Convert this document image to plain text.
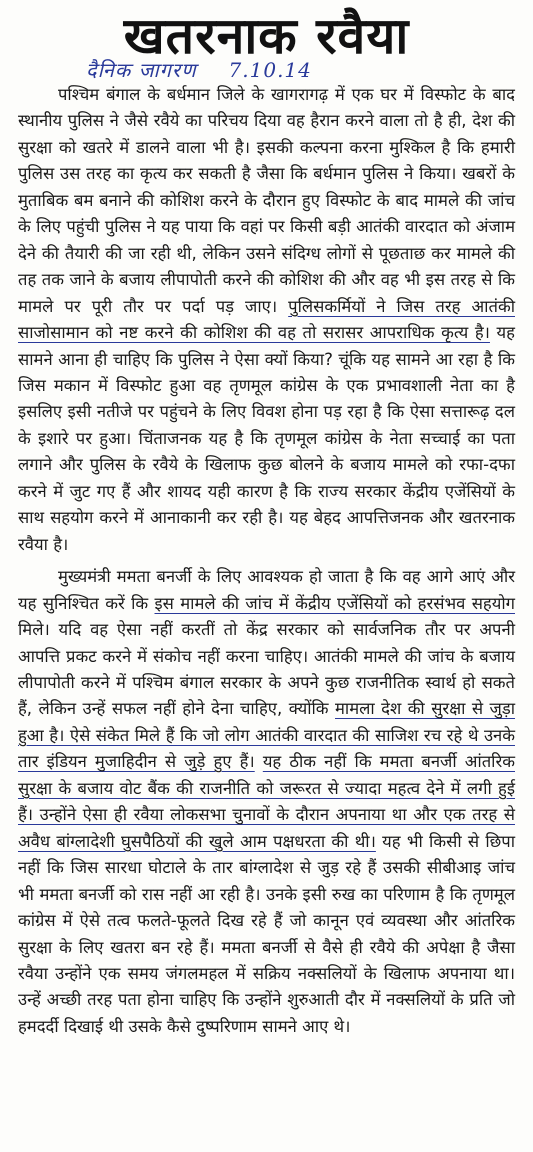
खतरनाक रवैया
दैनिक जागरण 7.10.14

पश्चिम बंगाल के बर्धमान जिले के खागरागढ़ में एक घर में विस्फोट के बाद स्थानीय पुलिस ने जैसे रवैये का परिचय दिया वह हैरान करने वाला तो है ही, देश की सुरक्षा को खतरे में डालने वाला भी है। इसकी कल्पना करना मुश्किल है कि हमारी पुलिस उस तरह का कृत्य कर सकती है जैसा कि बर्धमान पुलिस ने किया। खबरों के मुताबिक बम बनाने की कोशिश करने के दौरान हुए विस्फोट के बाद मामले की जांच के लिए पहुंची पुलिस ने यह पाया कि वहां पर किसी बड़ी आतंकी वारदात को अंजाम देने की तैयारी की जा रही थी, लेकिन उसने संदिग्ध लोगों से पूछताछ कर मामले की तह तक जाने के बजाय लीपापोती करने की कोशिश की और वह भी इस तरह से कि मामले पर पूरी तौर पर पर्दा पड़ जाए। पुलिसकर्मियों ने जिस तरह आतंकी साजोसामान को नष्ट करने की कोशिश की वह तो सरासर आपराधिक कृत्य है। यह सामने आना ही चाहिए कि पुलिस ने ऐसा क्यों किया? चूंकि यह सामने आ रहा है कि जिस मकान में विस्फोट हुआ वह तृणमूल कांग्रेस के एक प्रभावशाली नेता का है इसलिए इसी नतीजे पर पहुंचने के लिए विवश होना पड़ रहा है कि ऐसा सत्तारूढ़ दल के इशारे पर हुआ। चिंताजनक यह है कि तृणमूल कांग्रेस के नेता सच्चाई का पता लगाने और पुलिस के रवैये के खिलाफ कुछ बोलने के बजाय मामले को रफा-दफा करने में जुट गए हैं और शायद यही कारण है कि राज्य सरकार केंद्रीय एजेंसियों के साथ सहयोग करने में आनाकानी कर रही है। यह बेहद आपत्तिजनक और खतरनाक रवैया है।

मुख्यमंत्री ममता बनर्जी के लिए आवश्यक हो जाता है कि वह आगे आएं और यह सुनिश्चित करें कि इस मामले की जांच में केंद्रीय एजेंसियों को हरसंभव सहयोग मिले। यदि वह ऐसा नहीं करतीं तो केंद्र सरकार को सार्वजनिक तौर पर अपनी आपत्ति प्रकट करने में संकोच नहीं करना चाहिए। आतंकी मामले की जांच के बजाय लीपापोती करने में पश्चिम बंगाल सरकार के अपने कुछ राजनीतिक स्वार्थ हो सकते हैं, लेकिन उन्हें सफल नहीं होने देना चाहिए, क्योंकि मामला देश की सुरक्षा से जुड़ा हुआ है। ऐसे संकेत मिले हैं कि जो लोग आतंकी वारदात की साजिश रच रहे थे उनके तार इंडियन मुजाहिदीन से जुड़े हुए हैं। यह ठीक नहीं कि ममता बनर्जी आंतरिक सुरक्षा के बजाय वोट बैंक की राजनीति को जरूरत से ज्यादा महत्व देने में लगी हुई हैं। उन्होंने ऐसा ही रवैया लोकसभा चुनावों के दौरान अपनाया था और एक तरह से अवैध बांग्लादेशी घुसपैठियों की खुले आम पक्षधरता की थी। यह भी किसी से छिपा नहीं कि जिस सारधा घोटाले के तार बांग्लादेश से जुड़ रहे हैं उसकी सीबीआइ जांच भी ममता बनर्जी को रास नहीं आ रही है। उनके इसी रुख का परिणाम है कि तृणमूल कांग्रेस में ऐसे तत्व फलते-फूलते दिख रहे हैं जो कानून एवं व्यवस्था और आंतरिक सुरक्षा के लिए खतरा बन रहे हैं। ममता बनर्जी से वैसे ही रवैये की अपेक्षा है जैसा रवैया उन्होंने एक समय जंगलमहल में सक्रिय नक्सलियों के खिलाफ अपनाया था। उन्हें अच्छी तरह पता होना चाहिए कि उन्होंने शुरुआती दौर में नक्सलियों के प्रति जो हमदर्दी दिखाई थी उसके कैसे दुष्परिणाम सामने आए थे।
